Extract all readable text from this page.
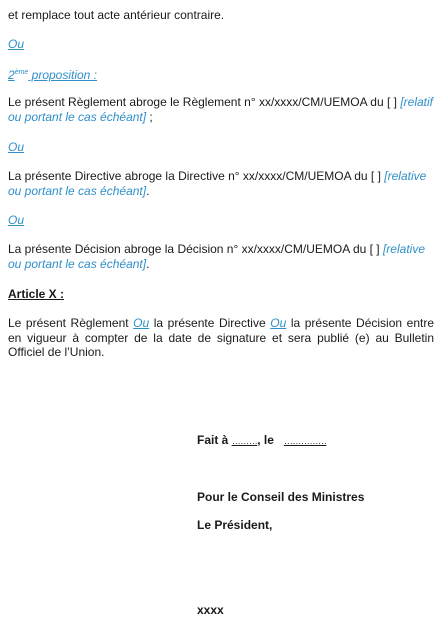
et remplace tout acte antérieur contraire.

Ou

2ème proposition :

Le présent Règlement abroge le Règlement n° xx/xxxx/CM/UEMOA du [ ] [relatif ou portant le cas échéant] ;

Ou

La présente Directive abroge la Directive n° xx/xxxx/CM/UEMOA du [ ] [relative ou portant le cas échéant].

Ou

La présente Décision abroge la Décision n° xx/xxxx/CM/UEMOA du [ ] [relative ou portant le cas échéant].

Article X :

Le présent Règlement Ou la présente Directive Ou la présente Décision entre en vigueur à compter de la date de signature et sera publié (e) au Bulletin Officiel de l’Union.

Fait à ………, le   ……………
Pour le Conseil des Ministres
Le Président,
xxxx
